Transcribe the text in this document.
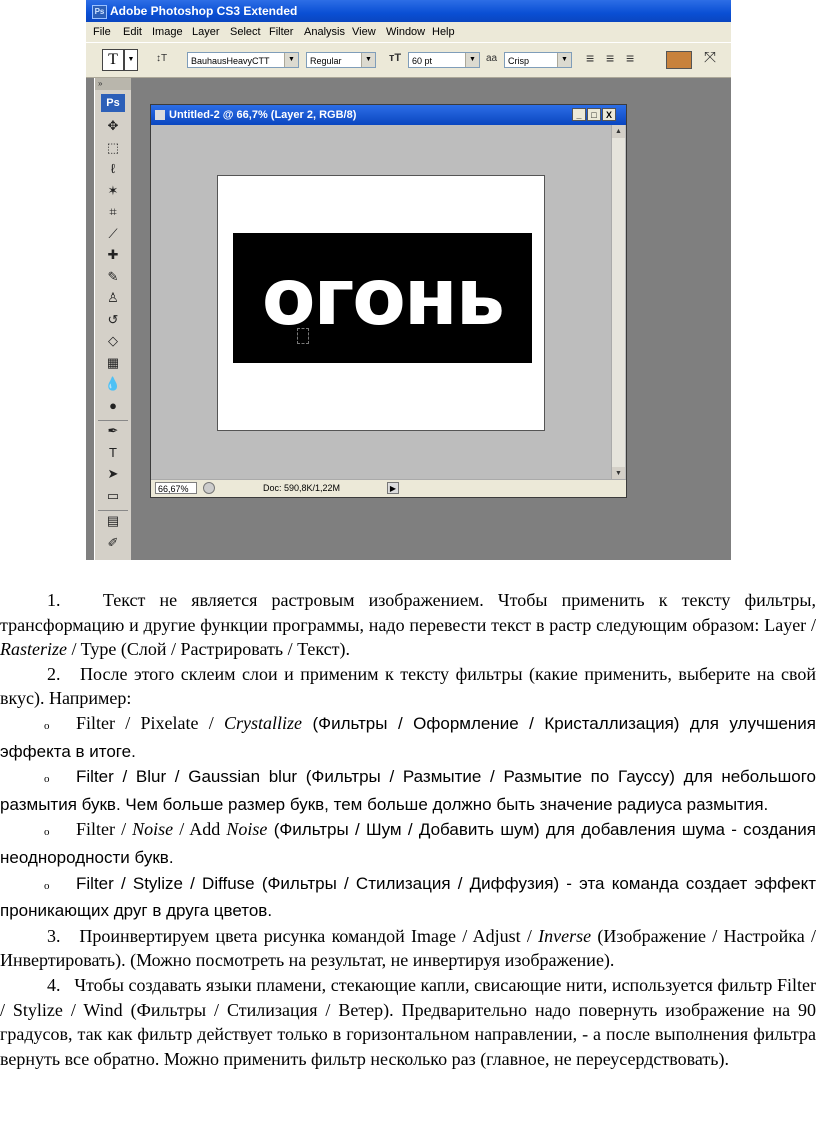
Ps Adobe Photoshop CS3 Extended
File Edit Image Layer Select Filter Analysis View Window Help
T	▼	↕T	BauhausHeavyCTT	▼	Regular	▼ ᴛT	60 pt	▼	aa	Crisp	▼ ≡ ≡ ≡	⤧
»
Ps
✥
⬚
ℓ
✶
⌗
⟋
✚
✎
♙
↺
◇
▦
💧
●
✒
T
➤
▭
▤
✐
Untitled-2 @ 66,7% (Layer 2, RGB/8)	_	□	X
▲
▼
огонь
66,67%	Doc: 590,8K/1,22M	▶

1. Текст не является растровым изображением. Чтобы применить к тексту фильтры, трансформацию и другие функции программы, надо перевести текст в растр следующим образом: Layer / Rasterize / Type (Слой / Растрировать / Текст).

2. После этого склеим слои и применим к тексту фильтры (какие применить, выберите на свой вкус). Например:

o Filter / Pixelate / Crystallize (Фильтры / Оформление / Кристаллизация) для улучшения эффекта в итоге.

o Filter / Blur / Gaussian blur (Фильтры / Размытие / Размытие по Гауссу) для небольшого размытия букв. Чем больше размер букв, тем больше должно быть значение радиуса размытия.

o Filter / Noise / Add Noise (Фильтры / Шум / Добавить шум) для добавления шума - создания неоднородности букв.

o Filter / Stylize / Diffuse (Фильтры / Стилизация / Диффузия) - эта команда создает эффект проникающих друг в друга цветов.

3. Проинвертируем цвета рисунка командой Image / Adjust / Inverse (Изображение / Настройка / Инвертировать). (Можно посмотреть на результат, не инвертируя изображение).

4. Чтобы создавать языки пламени, стекающие капли, свисающие нити, используется фильтр Filter / Stylize / Wind (Фильтры / Стилизация / Ветер). Предварительно надо повернуть изображение на 90 градусов, так как фильтр действует только в горизонтальном направлении, - а после выполнения фильтра вернуть все обратно. Можно применить фильтр несколько раз (главное, не переусердствовать).
